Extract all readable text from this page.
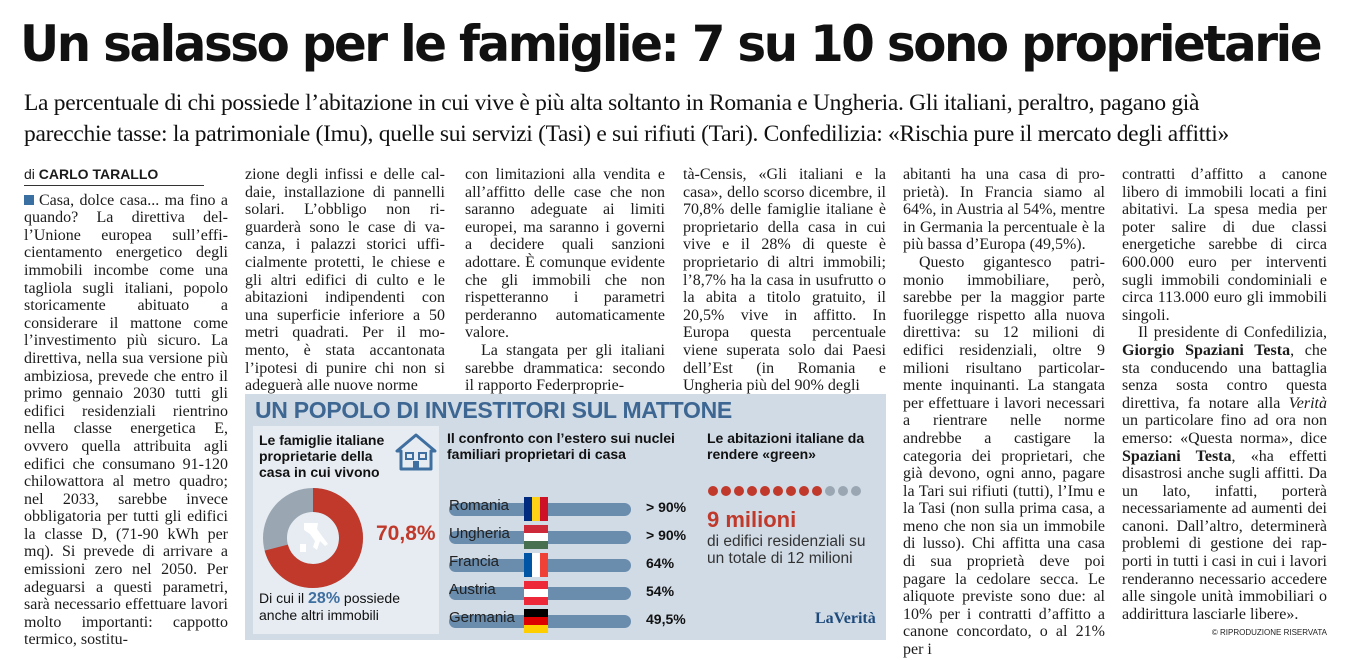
Un salasso per le famiglie: 7 su 10 sono proprietarie
La percentuale di chi possiede l’abitazione in cui vive è più alta soltanto in Romania e Ungheria. Gli italiani, peraltro, pagano già
parecchie tasse: la patrimoniale (Imu), quelle sui servizi (Tasi) e sui rifiuti (Tari). Confedilizia: «Rischia pure il mercato degli affitti»
di CARLO TARALLO

Casa, dolce casa... ma fino a quando? La direttiva dell’Unione europea sull’efficientamento energetico degli immobili incombe come una tagliola sugli italiani, popolo storicamente abituato a considerare il mattone come l’investimento più sicuro. La direttiva, nella sua versione più ambiziosa, prevede che entro il primo gennaio 2030 tutti gli edifici residenziali rientrino nella classe energetica E, ovvero quella attribuita agli edifici che consumano 91-120 chilowattora al metro quadro; nel 2033, sarebbe invece obbligatoria per tutti gli edifici la classe D, (71-90 kWh per mq). Si prevede di arrivare a emissioni zero nel 2050. Per adeguarsi a questi parametri, sarà necessario effettuare lavori molto importanti: cappotto termico, sostitu-

zione degli infissi e delle caldaie, installazione di pannelli solari. L’obbligo non riguarderà sono le case di vacanza, i palazzi storici ufficialmente protetti, le chiese e gli altri edifici di culto e le abitazioni indipendenti con una superficie inferiore a 50 metri quadrati. Per il momento, è stata accantonata l’ipotesi di punire chi non si adeguerà alle nuove norme

con limitazioni alla vendita e all’affitto delle case che non saranno adeguate ai limiti europei, ma saranno i governi a decidere quali sanzioni adottare. È comunque evidente che gli immobili che non rispetteranno i parametri perderanno automaticamente valore.

La stangata per gli italiani sarebbe drammatica: secondo il rapporto Federproprie-

tà-Censis, «Gli italiani e la casa», dello scorso dicembre, il 70,8% delle famiglie italiane è proprietario della casa in cui vive e il 28% di queste è proprietario di altri immobili; l’8,7% ha la casa in usufrutto o la abita a titolo gratuito, il 20,5% vive in affitto. In Europa questa percentuale viene superata solo dai Paesi dell’Est (in Romania e Ungheria più del 90% degli

abitanti ha una casa di proprietà). In Francia siamo al 64%, in Austria al 54%, mentre in Germania la percentuale è la più bassa d’Europa (49,5%).

Questo gigantesco patrimonio immobiliare, però, sarebbe per la maggior parte fuorilegge rispetto alla nuova direttiva: su 12 milioni di edifici residenziali, oltre 9 milioni risultano particolarmente inquinanti. La stangata per effettuare i lavori necessari a rientrare nelle norme andrebbe a castigare la categoria dei proprietari, che già devono, ogni anno, pagare la Tari sui rifiuti (tutti), l’Imu e la Tasi (non sulla prima casa, a meno che non sia un immobile di lusso). Chi affitta una casa di sua proprietà deve poi pagare la cedolare secca. Le aliquote previste sono due: al 10% per i contratti d’affitto a canone concordato, o al 21% per i

contratti d’affitto a canone libero di immobili locati a fini abitativi. La spesa media per poter salire di due classi energetiche sarebbe di circa 600.000 euro per interventi sugli immobili condominiali e circa 113.000 euro gli immobili singoli.

Il presidente di Confedilizia, Giorgio Spaziani Testa, che sta conducendo una battaglia senza sosta contro questa direttiva, fa notare alla Verità un particolare fino ad ora non emerso: «Questa norma», dice Spaziani Testa, «ha effetti disastrosi anche sugli affitti. Da un lato, infatti, porterà necessariamente ad aumenti dei canoni. Dall’altro, determinerà problemi di gestione dei rapporti in tutti i casi in cui i lavori renderanno necessario accedere alle singole unità immobiliari o addirittura lasciarle libere».

© RIPRODUZIONE RISERVATA
UN POPOLO DI INVESTITORI SUL MATTONE
Le famiglie italiane proprietarie della casa in cui vivono
70,8%
Di cui il 28% possiede anche altri immobili
Il confronto con l’estero sui nuclei familiari proprietari di casa
Romania	> 90%
Ungheria	> 90%
Francia	64%
Austria	54%
Germania	49,5%
Le abitazioni italiane da rendere «green»
9 milioni
di edifici residenziali su un totale di 12 milioni
LaVerità
